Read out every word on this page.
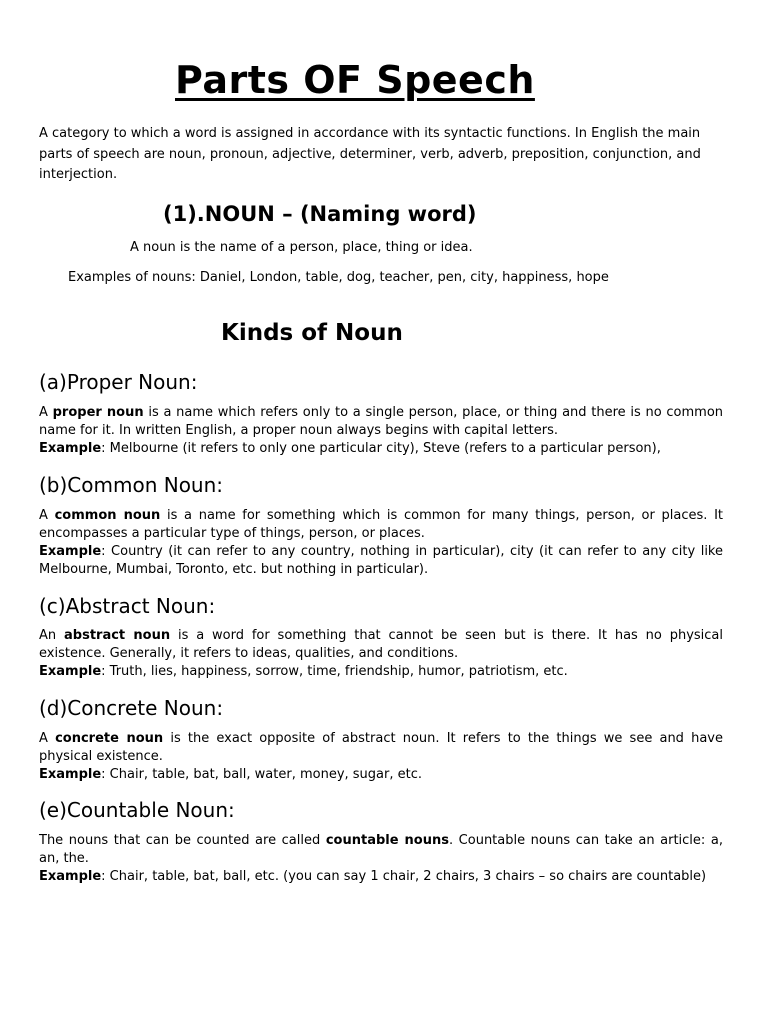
Parts OF Speech

A category to which a word is assigned in accordance with its syntactic functions. In English the main parts of speech are noun, pronoun, adjective, determiner, verb, adverb, preposition, conjunction, and interjection.

(1).NOUN – (Naming word)

A noun is the name of a person, place, thing or idea.

Examples of nouns: Daniel, London, table, dog, teacher, pen, city, happiness, hope

Kinds of Noun
(a)Proper Noun:

A proper noun is a name which refers only to a single person, place, or thing and there is no common name for it. In written English, a proper noun always begins with capital letters.
Example: Melbourne (it refers to only one particular city), Steve (refers to a particular person),

(b)Common Noun:

A common noun is a name for something which is common for many things, person, or places. It encompasses a particular type of things, person, or places.
Example: Country (it can refer to any country, nothing in particular), city (it can refer to any city like Melbourne, Mumbai, Toronto, etc. but nothing in particular).

(c)Abstract Noun:

An abstract noun is a word for something that cannot be seen but is there. It has no physical existence. Generally, it refers to ideas, qualities, and conditions.
Example: Truth, lies, happiness, sorrow, time, friendship, humor, patriotism, etc.

(d)Concrete Noun:

A concrete noun is the exact opposite of abstract noun. It refers to the things we see and have physical existence.
Example: Chair, table, bat, ball, water, money, sugar, etc.

(e)Countable Noun:

The nouns that can be counted are called countable nouns. Countable nouns can take an article: a, an, the.
Example: Chair, table, bat, ball, etc. (you can say 1 chair, 2 chairs, 3 chairs – so chairs are countable)
